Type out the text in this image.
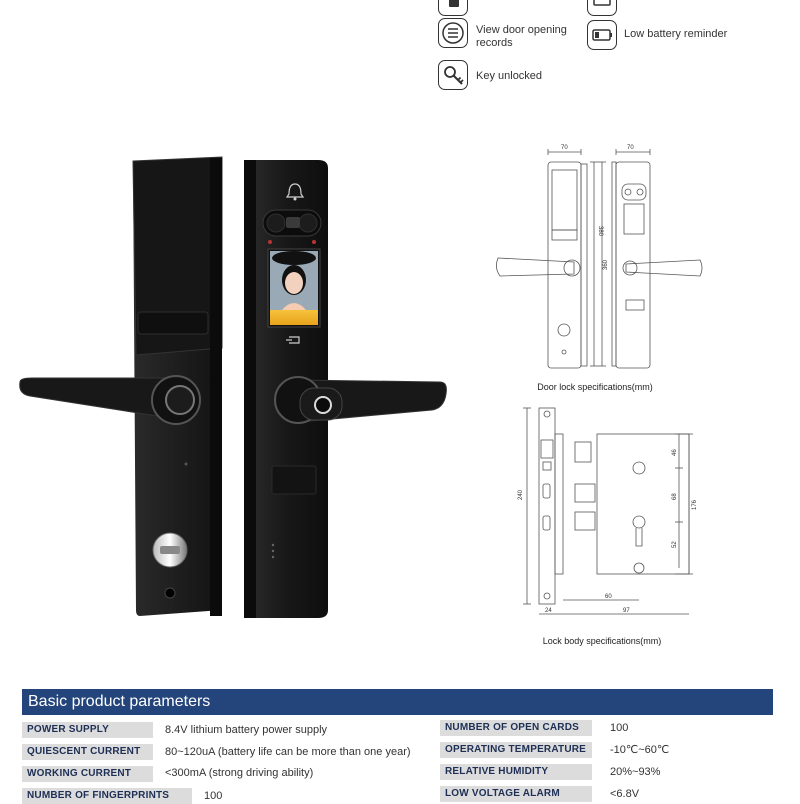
View door opening
records
Low battery reminder
Key unlocked
70	70
380
360
Door lock specifications(mm)
240
46
176
68
52
60
24	97
Lock body specifications(mm)
Basic product parameters
POWER SUPPLY	8.4V lithium battery power supply
QUIESCENT CURRENT	80~120uA (battery life can be more than one year)
WORKING CURRENT	<300mA (strong driving ability)
NUMBER OF FINGERPRINTS	100
NUMBER OF OPEN CARDS	100
OPERATING TEMPERATURE	-10℃~60℃
RELATIVE HUMIDITY	20%~93%
LOW VOLTAGE ALARM	<6.8V
